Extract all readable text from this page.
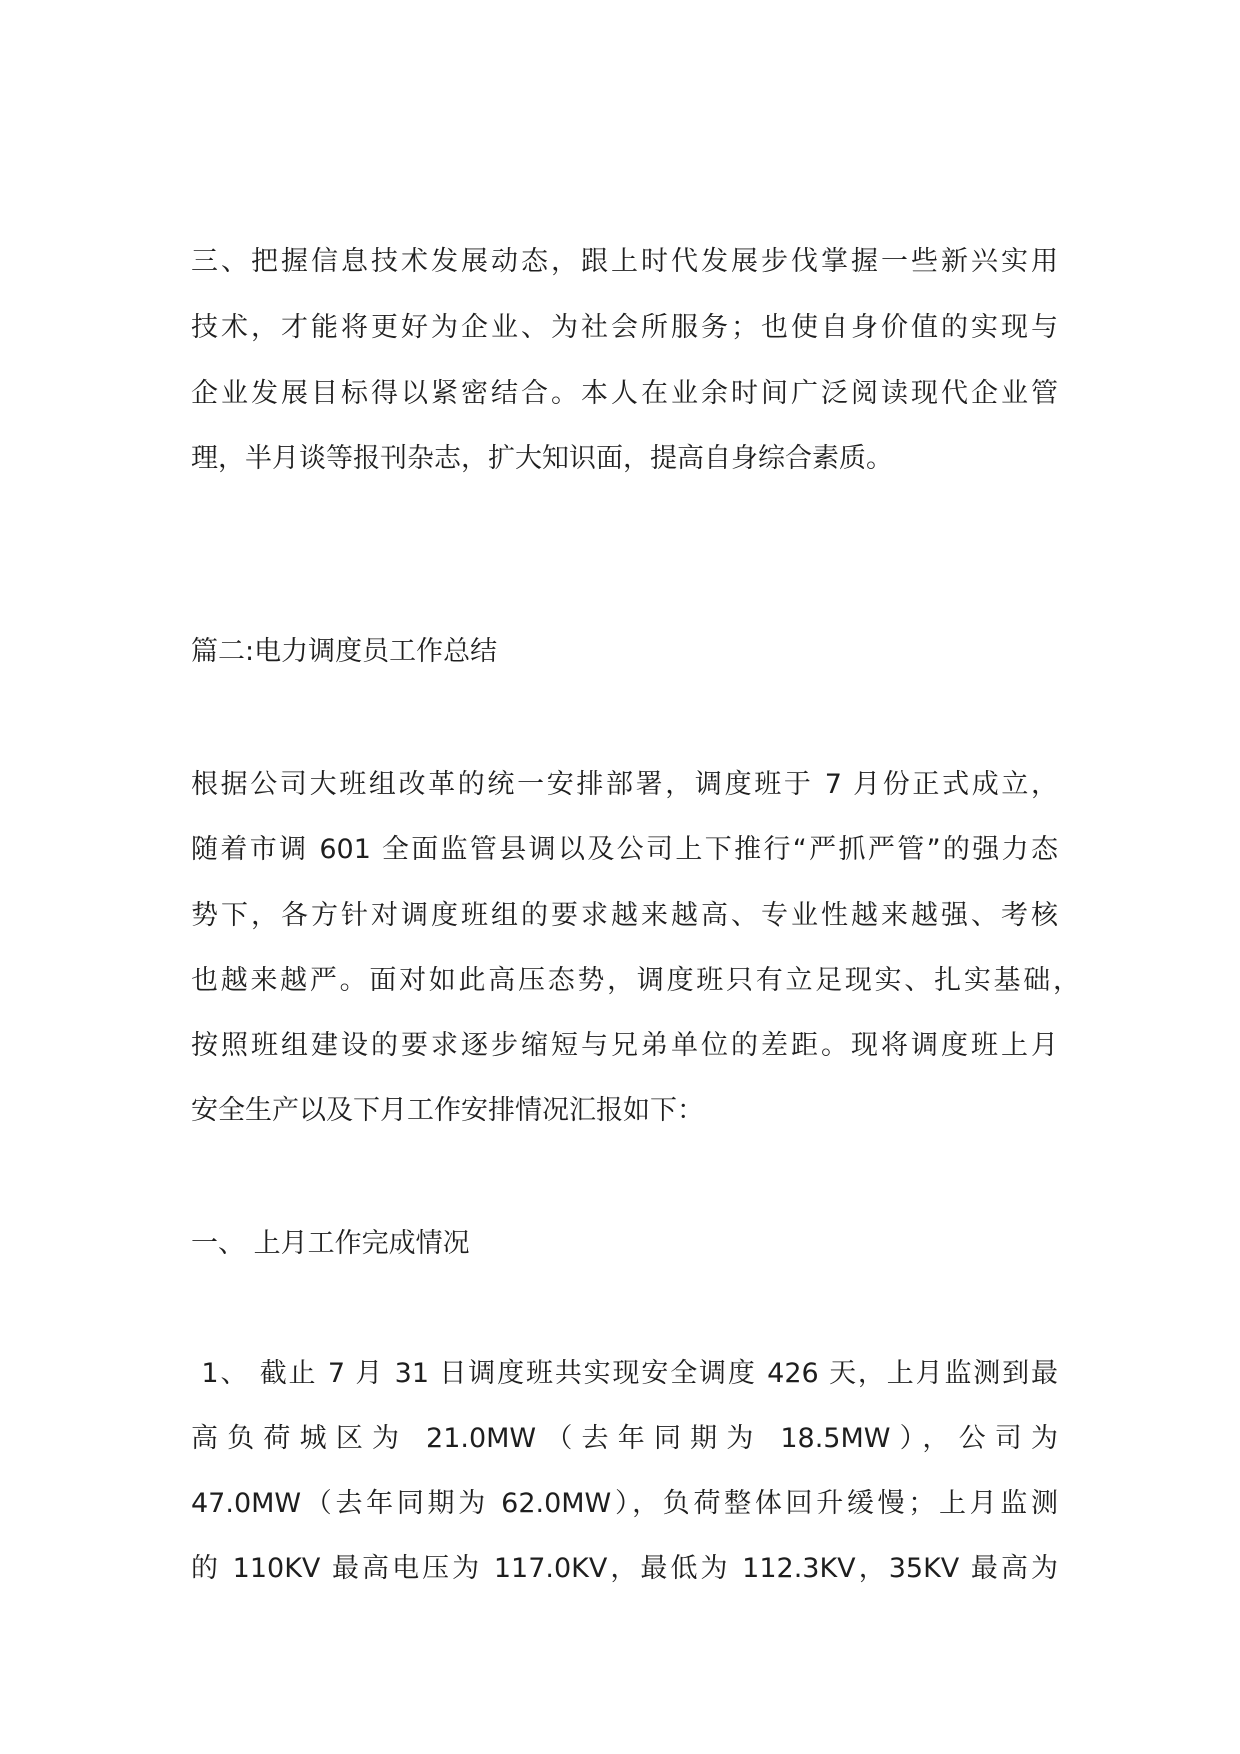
三、把握信息技术发展动态，跟上时代发展步伐掌握一些新兴实用
技术，才能将更好为企业、为社会所服务；也使自身价值的实现与
企业发展目标得以紧密结合。本人在业余时间广泛阅读现代企业管
理，半月谈等报刊杂志，扩大知识面，提高自身综合素质。
篇二:电力调度员工作总结
根据公司大班组改革的统一安排部署，调度班于 7 月份正式成立，
随着市调 601 全面监管县调以及公司上下推行“严抓严管”的强力态
势下，各方针对调度班组的要求越来越高、专业性越来越强、考核
也越来越严。面对如此高压态势，调度班只有立足现实、扎实基础，
按照班组建设的要求逐步缩短与兄弟单位的差距。现将调度班上月
安全生产以及下月工作安排情况汇报如下：
一、 上月工作完成情况
1、 截止 7 月 31 日调度班共实现安全调度 426 天，上月监测到最
高负荷城区为 21.0MW（去年同期为 18.5MW），公司为
47.0MW（去年同期为 62.0MW），负荷整体回升缓慢；上月监测
的 110KV 最高电压为 117.0KV，最低为 112.3KV，35KV 最高为
